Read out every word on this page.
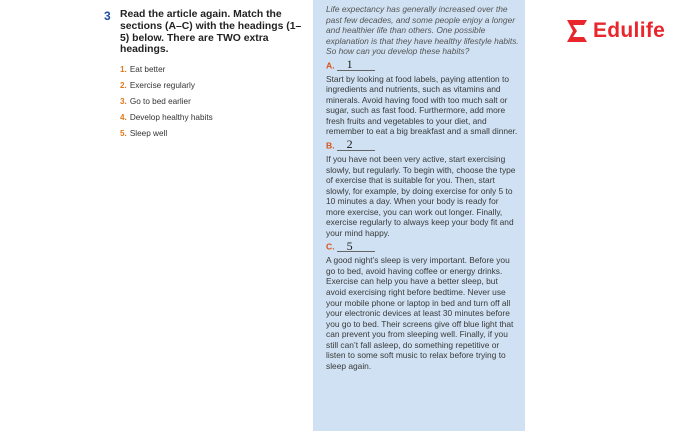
3 Read the article again. Match the sections (A–C) with the headings (1–5) below. There are TWO extra headings.
1. Eat better
2. Exercise regularly
3. Go to bed earlier
4. Develop healthy habits
5. Sleep well

Life expectancy has generally increased over the past few decades, and some people enjoy a longer and healthier life than others. One possible explanation is that they have healthy lifestyle habits. So how can you develop these habits?

A. 1

Start by looking at food labels, paying attention to ingredients and nutrients, such as vitamins and minerals. Avoid having food with too much salt or sugar, such as fast food. Furthermore, add more fresh fruits and vegetables to your diet, and remember to eat a big breakfast and a small dinner.

B. 2

If you have not been very active, start exercising slowly, but regularly. To begin with, choose the type of exercise that is suitable for you. Then, start slowly, for example, by doing exercise for only 5 to 10 minutes a day. When your body is ready for more exercise, you can work out longer. Finally, exercise regularly to always keep your body fit and your mind happy.

C. 5

A good night’s sleep is very important. Before you go to bed, avoid having coffee or energy drinks. Exercise can help you have a better sleep, but avoid exercising right before bedtime. Never use your mobile phone or laptop in bed and turn off all your electronic devices at least 30 minutes before you go to bed. Their screens give off blue light that can prevent you from sleeping well. Finally, if you still can’t fall asleep, do something repetitive or listen to some soft music to relax before trying to sleep again.

Edulife
